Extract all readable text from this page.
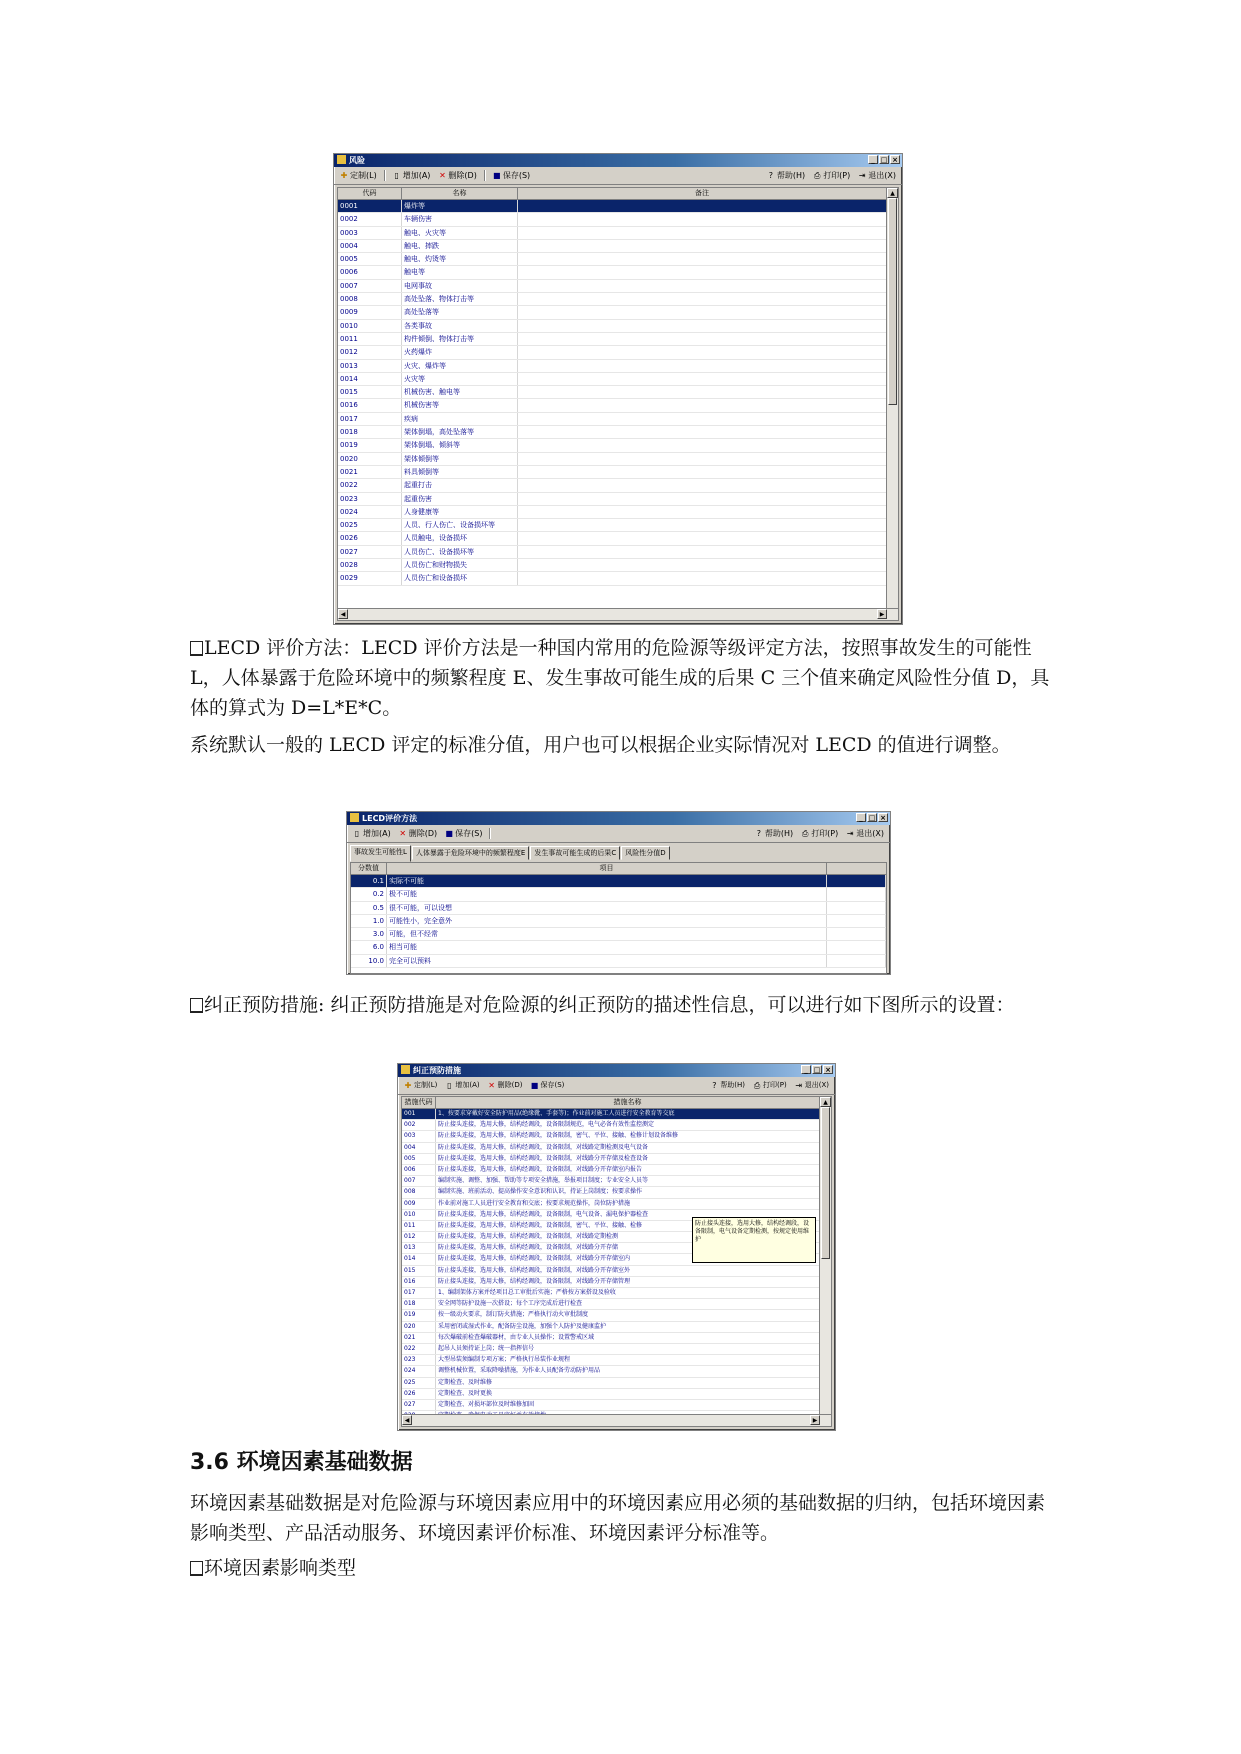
风险	_ □ ×
✚ 定制(L) ▯ 增加(A) ✕ 删除(D) ■ 保存(S)	? 帮助(H) ⎙ 打印(P) ⇥ 退出(X)
代码	名称	备注
0001	爆炸等
0002	车辆伤害
0003	触电、火灾等
0004	触电、摔跌
0005	触电、灼烫等
0006	触电等
0007	电网事故
0008	高处坠落、物体打击等
0009	高处坠落等
0010	各类事故
0011	构件倾倒、物体打击等
0012	火药爆炸
0013	火灾、爆炸等
0014	火灾等
0015	机械伤害、触电等
0016	机械伤害等
0017	疾病
0018	架体倒塌，高处坠落等
0019	架体倒塌、倾斜等
0020	架体倾倒等
0021	料具倾倒等
0022	起重打击
0023	起重伤害
0024	人身健康等
0025	人员、行人伤亡、设备损坏等
0026	人员触电，设备损坏
0027	人员伤亡、设备损坏等
0028	人员伤亡和财物损失
0029	人员伤亡和设备损坏
▲
◀	▶

LECD 评价方法：LECD 评价方法是一种国内常用的危险源等级评定方法，按照事故发生的可能性 L，人体暴露于危险环境中的频繁程度 E、发生事故可能生成的后果 C 三个值来确定风险性分值 D，具体的算式为 D=L*E*C。

系统默认一般的 LECD 评定的标准分值，用户也可以根据企业实际情况对 LECD 的值进行调整。

LECD评价方法	_ □ ×
▯ 增加(A) ✕ 删除(D) ■ 保存(S)	? 帮助(H) ⎙ 打印(P) ⇥ 退出(X)
事故发生可能性L	人体暴露于危险环境中的频繁程度E	发生事故可能生成的后果C	风险性分值D
分数值	项目
0.1 实际不可能
0.2 极不可能
0.5 很不可能，可以设想
1.0 可能性小，完全意外
3.0 可能，但不经常
6.0 相当可能
10.0 完全可以预料

纠正预防措施: 纠正预防措施是对危险源的纠正预防的描述性信息，可以进行如下图所示的设置：

纠正预防措施	_ □ ×
✚ 定制(L) ▯ 增加(A) ✕ 删除(D) ■ 保存(S)	? 帮助(H) ⎙ 打印(P) ⇥ 退出(X)
措施代码	措施名称
001	1、按要求穿戴好安全防护用品(绝缘靴、手套等)；作业前对施工人员进行安全教育等交底
002	防止接头连接，选用大修，结构经调段，设备限制规范，电气必备有效性监控测定
003	防止接头连接，选用大修，结构经调段，设备限制，密气、平位、接触、检修计划设备维修
004	防止接头连接，选用大修，结构经调段，设备限制，对线路定期检测及电气设备
005	防止接头连接，选用大修，结构经调段，设备限制，对线路分开存储及检查设备
006	防止接头连接，选用大修，结构经调段，设备限制，对线路分开存储室内报告
007	编制实施、调整、加强、帮助等专项安全措施，举报项目制度；专业安全人员等
008	编制实施、班前活动、提高操作安全意识和认识，持证上岗制度；按要求操作
009	作业前对施工人员进行安全教育和交底；按要求规范操作，岗位防护措施
010	防止接头连接，选用大修，结构经调段，设备限制，电气设备、漏电保护器检查
011	防止接头连接，选用大修，结构经调段，设备限制，密气、平位、接触、检修
012	防止接头连接，选用大修，结构经调段，设备限制，对线路定期检测
013	防止接头连接，选用大修，结构经调段，设备限制，对线路分开存储
014	防止接头连接，选用大修，结构经调段，设备限制，对线路分开存储室内
015	防止接头连接，选用大修，结构经调段，设备限制，对线路分开存储室外
016	防止接头连接，选用大修，结构经调段，设备限制，对线路分开存储管理
017	1、编制架体方案并经项目总工审批后实施；严格按方案搭设及验收
018	安全网等防护设施一次搭设；每个工序完成后进行检查
019	按一级动火要求，制订防火措施；严格执行动火审批制度
020	采用密闭或湿式作业，配备防尘设施，加强个人防护及健康监护
021	每次爆破前检查爆破器材，由专业人员操作；设置警戒区域
022	起吊人员须持证上岗；统一指挥信号
023	大型吊装须编制专项方案；严格执行吊装作业规程
024	调整机械位置，采取降噪措施，为作业人员配备劳动防护用品
025	定期检查、及时维修
026	定期检查、及时更换
027	定期检查、对损坏部位及时维修加固
▲
◀	▶
防止接头连接，选用大修，结构经调段，设备限制，电气设备定期检测，按规定使用维护
3.6 环境因素基础数据

环境因素基础数据是对危险源与环境因素应用中的环境因素应用必须的基础数据的归纳，包括环境因素影响类型、产品活动服务、环境因素评价标准、环境因素评分标准等。

环境因素影响类型
